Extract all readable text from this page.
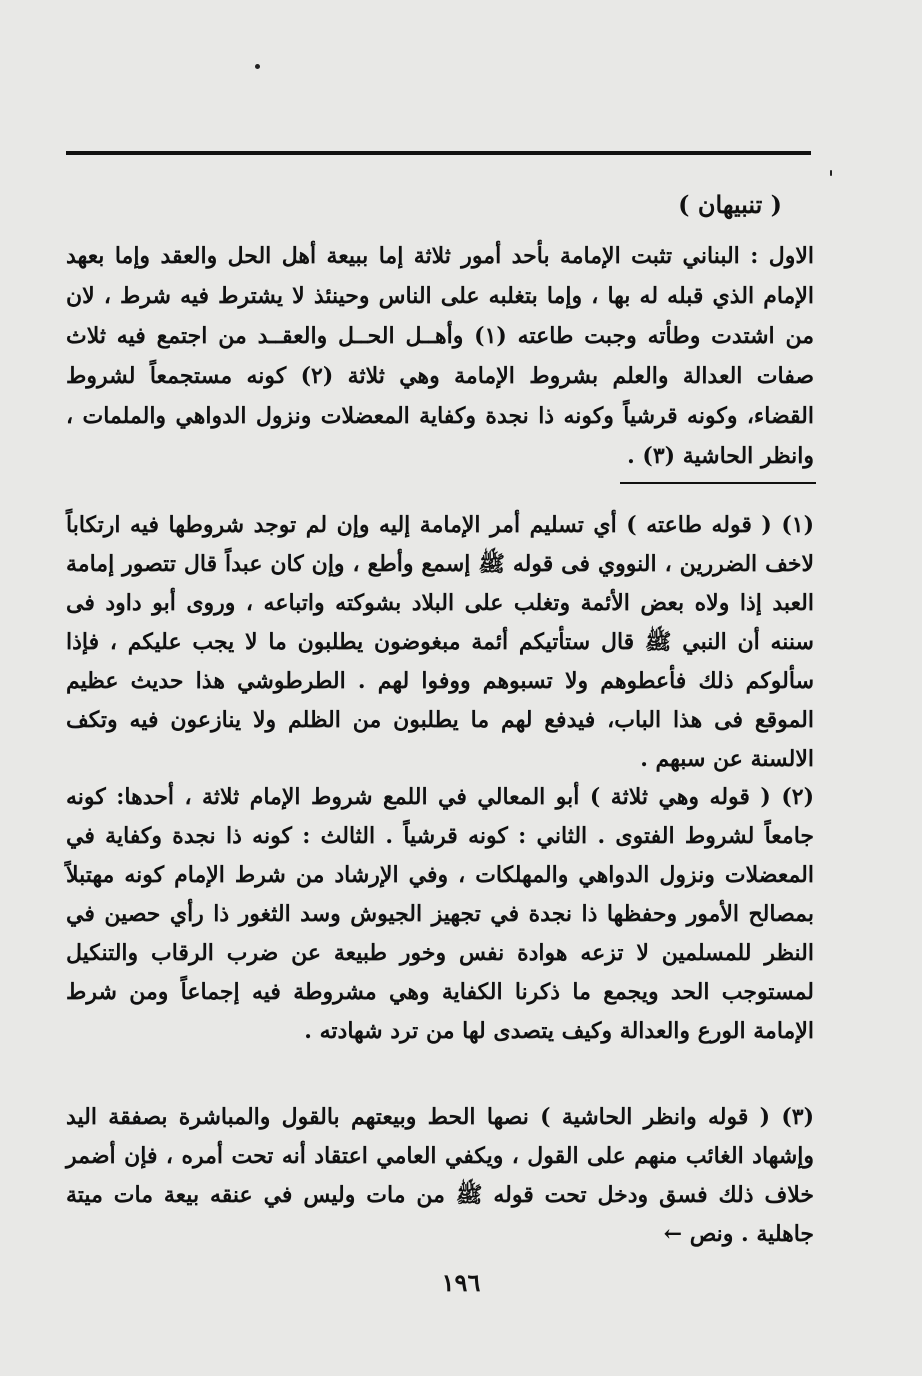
( تنبيهان )
الاول : البناني تثبت الإمامة بأحد أمور ثلاثة إما ببيعة أهل الحل والعقد وإما بعهد الإمام الذي قبله له بها ، وإما بتغلبه على الناس وحينئذ لا يشترط فيه شرط ، لان من اشتدت وطأته وجبت طاعته (١) وأهــل الحــل والعقــد من اجتمع فيه ثلاث صفات العدالة والعلم بشروط الإمامة وهي ثلاثة (٢) كونه مستجمعاً لشروط القضاء، وكونه قرشياً وكونه ذا نجدة وكفاية المعضلات ونزول الدواهي والملمات ، وانظر الحاشية (٣) .
(١) ( قوله طاعته ) أي تسليم أمر الإمامة إليه وإن لم توجد شروطها فيه ارتكاباً لاخف الضررين ، النووي فى قوله ﷺ إسمع وأطع ، وإن كان عبداً قال تتصور إمامة العبد إذا ولاه بعض الأئمة وتغلب على البلاد بشوكته واتباعه ، وروى أبو داود فى سننه أن النبي ﷺ قال ستأتيكم أئمة مبغوضون يطلبون ما لا يجب عليكم ، فإذا سألوكم ذلك فأعطوهم ولا تسبوهم ووفوا لهم . الطرطوشي هذا حديث عظيم الموقع فى هذا الباب، فيدفع لهم ما يطلبون من الظلم ولا ينازعون فيه وتكف الالسنة عن سبهم .
(٢) ( قوله وهي ثلاثة ) أبو المعالي في اللمع شروط الإمام ثلاثة ، أحدها: كونه جامعاً لشروط الفتوى . الثاني : كونه قرشياً . الثالث : كونه ذا نجدة وكفاية في المعضلات ونزول الدواهي والمهلكات ، وفي الإرشاد من شرط الإمام كونه مهتبلاً بمصالح الأمور وحفظها ذا نجدة في تجهيز الجيوش وسد الثغور ذا رأي حصين في النظر للمسلمين لا تزعه هوادة نفس وخور طبيعة عن ضرب الرقاب والتنكيل لمستوجب الحد ويجمع ما ذكرنا الكفاية وهي مشروطة فيه إجماعاً ومن شرط الإمامة الورع والعدالة وكيف يتصدى لها من ترد شهادته .
(٣) ( قوله وانظر الحاشية ) نصها الحط وبيعتهم بالقول والمباشرة بصفقة اليد وإشهاد الغائب منهم على القول ، ويكفي العامي اعتقاد أنه تحت أمره ، فإن أضمر خلاف ذلك فسق ودخل تحت قوله ﷺ من مات وليس في عنقه بيعة مات ميتة جاهلية . ونص ←
١٩٦
